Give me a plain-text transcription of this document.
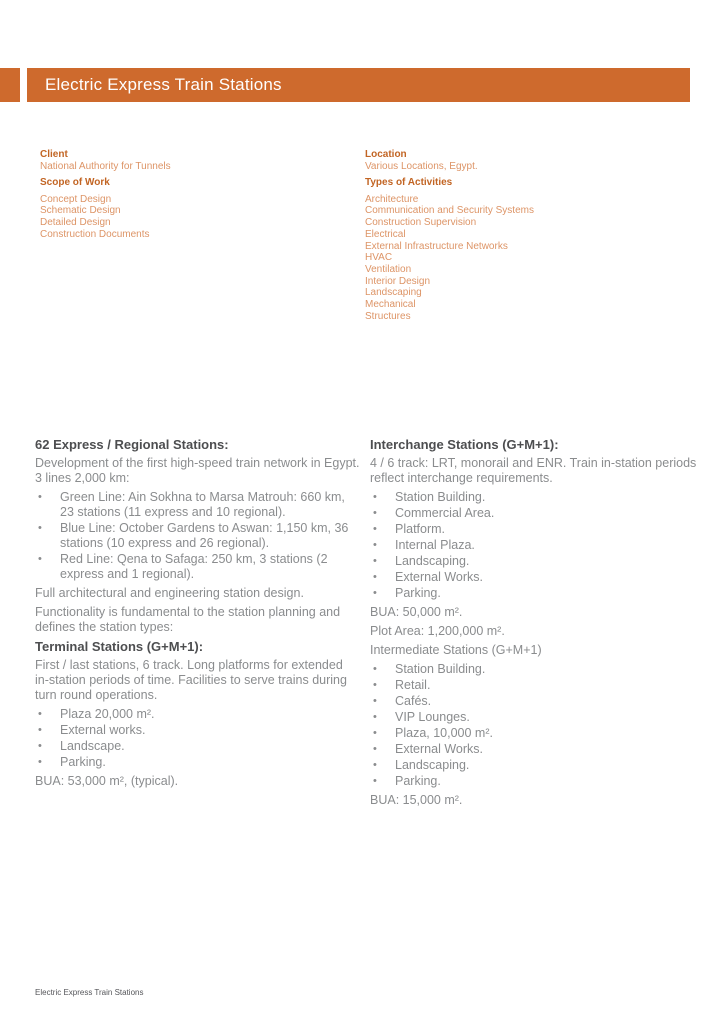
Electric Express Train Stations
Client
National Authority for Tunnels
Scope of Work
Concept Design
Schematic Design
Detailed Design
Construction Documents
Location
Various Locations, Egypt.
Types of Activities
Architecture
Communication and Security Systems
Construction Supervision
Electrical
External Infrastructure Networks
HVAC
Ventilation
Interior Design
Landscaping
Mechanical
Structures
62 Express / Regional Stations:
Development of the first high-speed train network in Egypt. 3 lines 2,000 km:
• Green Line: Ain Sokhna to Marsa Matrouh: 660 km, 23 stations (11 express and 10 regional).
• Blue Line: October Gardens to Aswan: 1,150 km, 36 stations (10 express and 26 regional).
• Red Line: Qena to Safaga: 250 km, 3 stations (2 express and 1 regional).
Full architectural and engineering station design.
Functionality is fundamental to the station planning and defines the station types:
Terminal Stations (G+M+1):
First / last stations, 6 track. Long platforms for extended in-station periods of time. Facilities to serve trains during turn round operations.
• Plaza 20,000 m².
• External works.
• Landscape.
• Parking.
BUA: 53,000 m², (typical).
Interchange Stations (G+M+1):
4 / 6 track: LRT, monorail and ENR. Train in-station periods reflect interchange requirements.
• Station Building.
• Commercial Area.
• Platform.
• Internal Plaza.
• Landscaping.
• External Works.
• Parking.
BUA: 50,000 m².
Plot Area: 1,200,000 m².
Intermediate Stations (G+M+1)
• Station Building.
• Retail.
• Cafés.
• VIP Lounges.
• Plaza, 10,000 m².
• External Works.
• Landscaping.
• Parking.
BUA: 15,000 m².
Electric Express Train Stations
